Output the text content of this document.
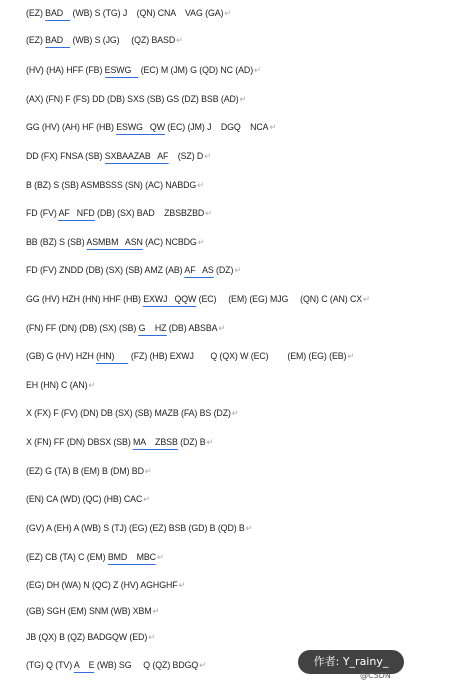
(EZ) BAD    (WB) S (TG) J    (QN) CNA    VAG (GA)↵
(EZ) BAD    (WB) S (JG)     (QZ) BASD↵
(HV) (HA) HFF (FB) ESWG    (EC) M (JM) G (QD) NC (AD)↵
(AX) (FN) F (FS) DD (DB) SXS (SB) GS (DZ) BSB (AD)↵
GG (HV) (AH) HF (HB) ESWG   QW (EC) (JM) J    DGQ    NCA↵
DD (FX) FNSA (SB) SXBAAZAB   AF    (SZ) D↵
B (BZ) S (SB) ASMBSSS (SN) (AC) NABDG↵
FD (FV) AF   NFD (DB) (SX) BAD    ZBSBZBD↵
BB (BZ) S (SB) ASMBM   ASN (AC) NCBDG↵
FD (FV) ZNDD (DB) (SX) (SB) AMZ (AB) AF   AS (DZ)↵
GG (HV) HZH (HN) HHF (HB) EXWJ   QQW (EC)     (EM) (EG) MJG     (QN) C (AN) CX↵
(FN) FF (DN) (DB) (SX) (SB) G    HZ (DB) ABSBA↵
(GB) G (HV) HZH (HN)       (FZ) (HB) EXWJ       Q (QX) W (EC)        (EM) (EG) (EB)↵
EH (HN) C (AN)↵
X (FX) F (FV) (DN) DB (SX) (SB) MAZB (FA) BS (DZ)↵
X (FN) FF (DN) DBSX (SB) MA    ZBSB (DZ) B↵
(EZ) G (TA) B (EM) B (DM) BD↵
(EN) CA (WD) (QC) (HB) CAC↵
(GV) A (EH) A (WB) S (TJ) (EG) (EZ) BSB (GD) B (QD) B↵
(EZ) CB (TA) C (EM) BMD    MBC↵
(EG) DH (WA) N (QC) Z (HV) AGHGHF↵
(GB) SGH (EM) SNM (WB) XBM↵
JB (QX) B (QZ) BADGQW (ED)↵
(TG) Q (TV) A    E (WB) SG     Q (QZ) BDGQ↵	作者: Y_rainy_
@CSDN
